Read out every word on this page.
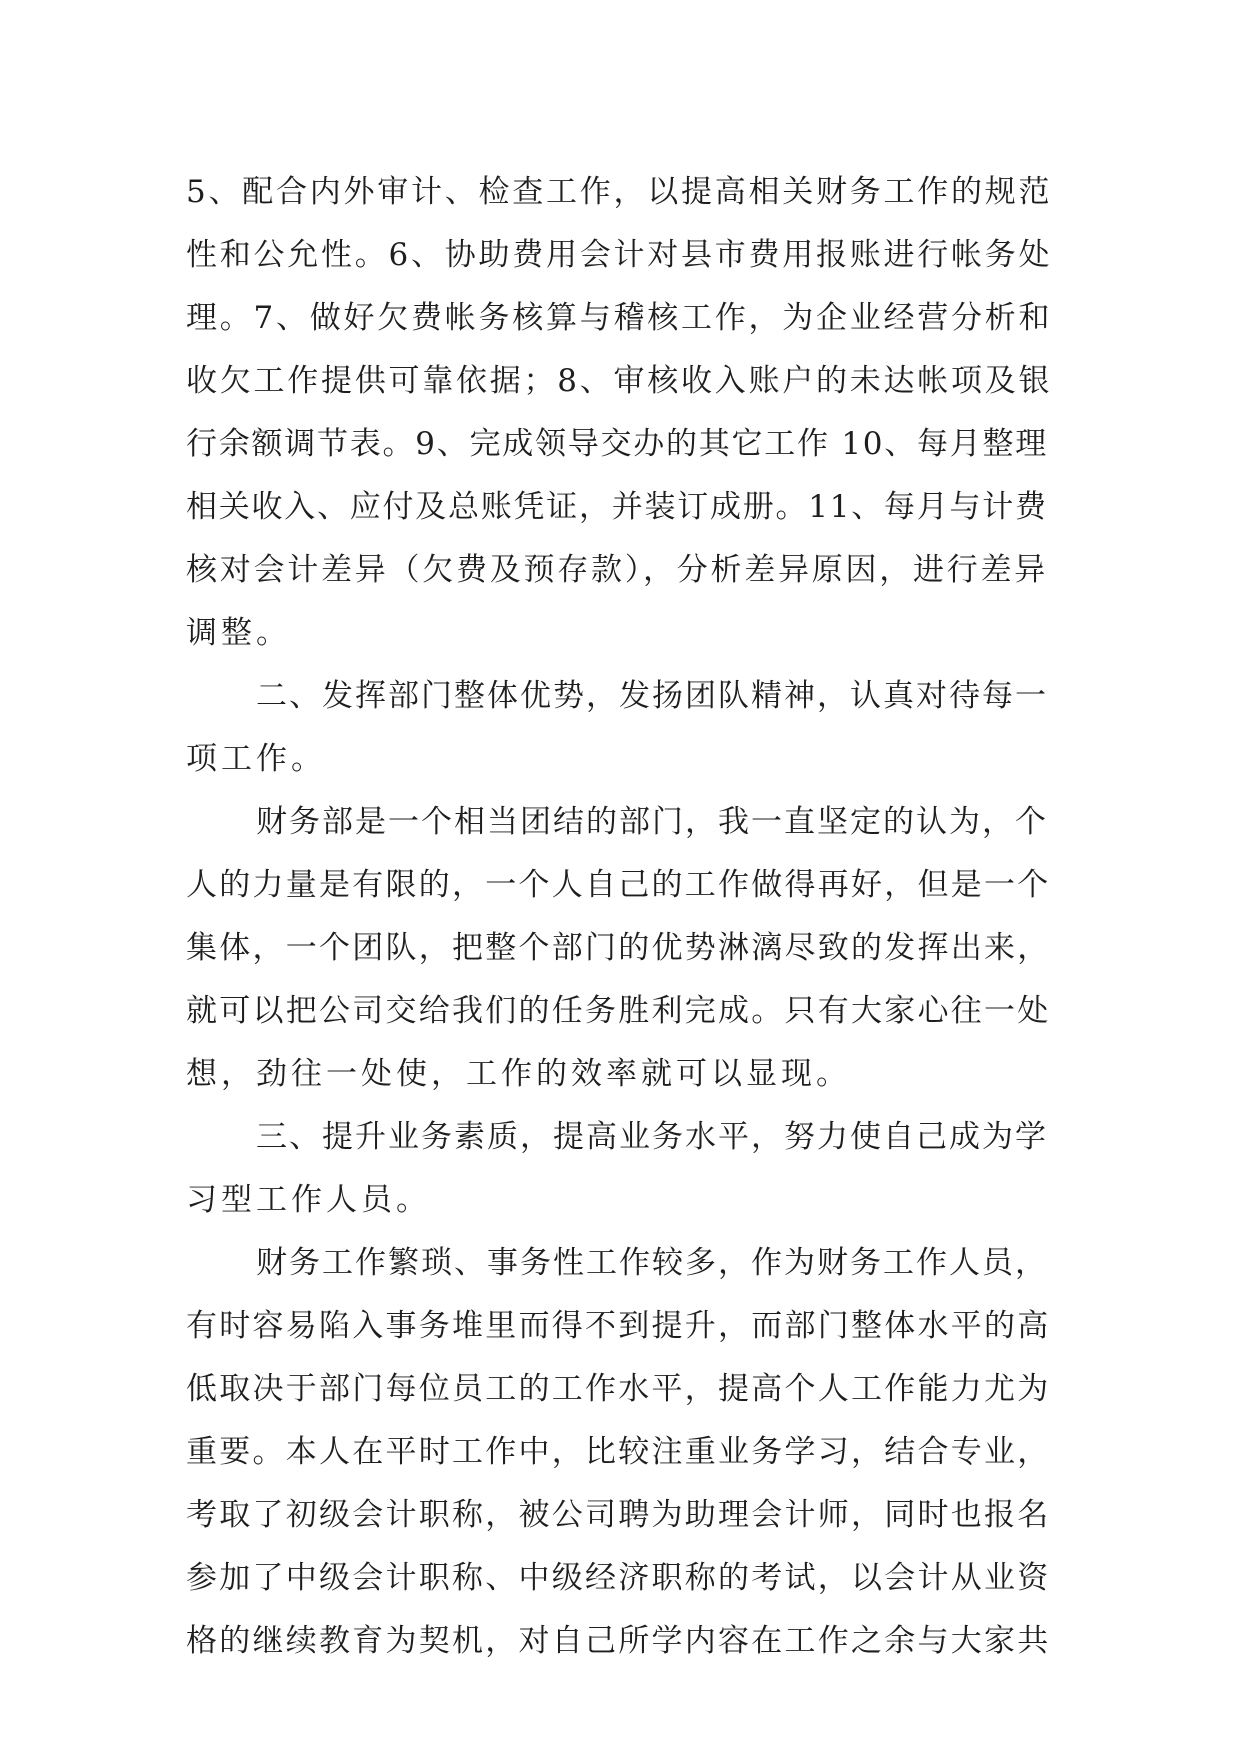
5、配合内外审计、检查工作，以提高相关财务工作的规范
性和公允性。6、协助费用会计对县市费用报账进行帐务处
理。7、做好欠费帐务核算与稽核工作，为企业经营分析和
收欠工作提供可靠依据；8、审核收入账户的未达帐项及银
行余额调节表。9、完成领导交办的其它工作 10、每月整理
相关收入、应付及总账凭证，并装订成册。11、每月与计费
核对会计差异（欠费及预存款），分析差异原因，进行差异
调整。
二、发挥部门整体优势，发扬团队精神，认真对待每一
项工作。
财务部是一个相当团结的部门，我一直坚定的认为，个
人的力量是有限的，一个人自己的工作做得再好，但是一个
集体，一个团队，把整个部门的优势淋漓尽致的发挥出来，
就可以把公司交给我们的任务胜利完成。只有大家心往一处
想，劲往一处使，工作的效率就可以显现。
三、提升业务素质，提高业务水平，努力使自己成为学
习型工作人员。
财务工作繁琐、事务性工作较多，作为财务工作人员，
有时容易陷入事务堆里而得不到提升，而部门整体水平的高
低取决于部门每位员工的工作水平，提高个人工作能力尤为
重要。本人在平时工作中，比较注重业务学习，结合专业，
考取了初级会计职称，被公司聘为助理会计师，同时也报名
参加了中级会计职称、中级经济职称的考试，以会计从业资
格的继续教育为契机，对自己所学内容在工作之余与大家共
